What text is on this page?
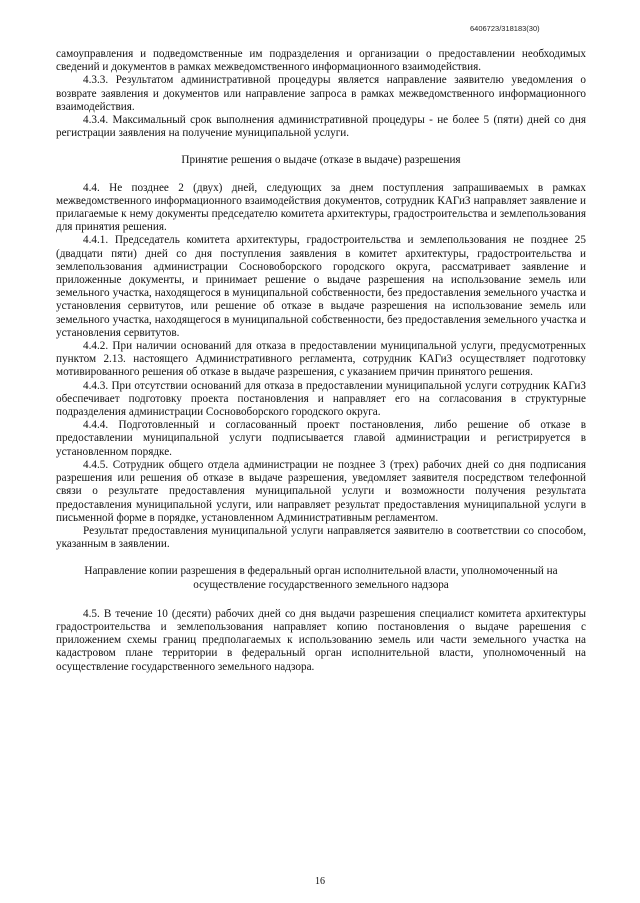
6406723/318183(30)

самоуправления и подведомственные им подразделения и организации о предоставлении необходимых сведений и документов в рамках межведомственного информационного взаимодействия.

4.3.3. Результатом административной процедуры является направление заявителю уведомления о возврате заявления и документов или направление запроса в рамках межведомственного информационного взаимодействия.

4.3.4. Максимальный срок выполнения административной процедуры - не более 5 (пяти) дней со дня регистрации заявления на получение муниципальной услуги.

Принятие решения о выдаче (отказе в выдаче) разрешения

4.4. Не позднее 2 (двух) дней, следующих за днем поступления запрашиваемых в рамках межведомственного информационного взаимодействия документов, сотрудник КАГиЗ направляет заявление и прилагаемые к нему документы председателю комитета архитектуры, градостроительства и землепользования для принятия решения.

4.4.1. Председатель комитета архитектуры, градостроительства и землепользования не позднее 25 (двадцати пяти) дней со дня поступления заявления в комитет архитектуры, градостроительства и землепользования администрации Сосновоборского городского округа, рассматривает заявление и приложенные документы, и принимает решение о выдаче разрешения на использование земель или земельного участка, находящегося в муниципальной собственности, без предоставления земельного участка и установления сервитутов, или решение об отказе в выдаче разрешения на использование земель или земельного участка, находящегося в муниципальной собственности, без предоставления земельного участка и установления сервитутов.

4.4.2. При наличии оснований для отказа в предоставлении муниципальной услуги, предусмотренных пунктом 2.13. настоящего Административного регламента, сотрудник КАГиЗ осуществляет подготовку мотивированного решения об отказе в выдаче разрешения, с указанием причин принятого решения.

4.4.3. При отсутствии оснований для отказа в предоставлении муниципальной услуги сотрудник КАГиЗ обеспечивает подготовку проекта постановления и направляет его на согласования в структурные подразделения администрации Сосновоборского городского округа.

4.4.4. Подготовленный и согласованный проект постановления, либо решение об отказе в предоставлении муниципальной услуги подписывается главой администрации и регистрируется в установленном порядке.

4.4.5. Сотрудник общего отдела администрации не позднее 3 (трех) рабочих дней со дня подписания разрешения или решения об отказе в выдаче разрешения, уведомляет заявителя посредством телефонной связи о результате предоставления муниципальной услуги и возможности получения результата предоставления муниципальной услуги, или направляет результат предоставления муниципальной услуги в письменной форме в порядке, установленном Административным регламентом.

Результат предоставления муниципальной услуги направляется заявителю в соответствии со способом, указанным в заявлении.

Направление копии разрешения в федеральный орган исполнительной власти, уполномоченный на осуществление государственного земельного надзора

4.5. В течение 10 (десяти) рабочих дней со дня выдачи разрешения специалист комитета архитектуры градостроительства и землепользования направляет копию постановления о выдаче рарешения с приложением схемы границ предполагаемых к использованию земель или части земельного участка на кадастровом плане территории в федеральный орган исполнительной власти, уполномоченный на осуществление государственного земельного надзора.

16
